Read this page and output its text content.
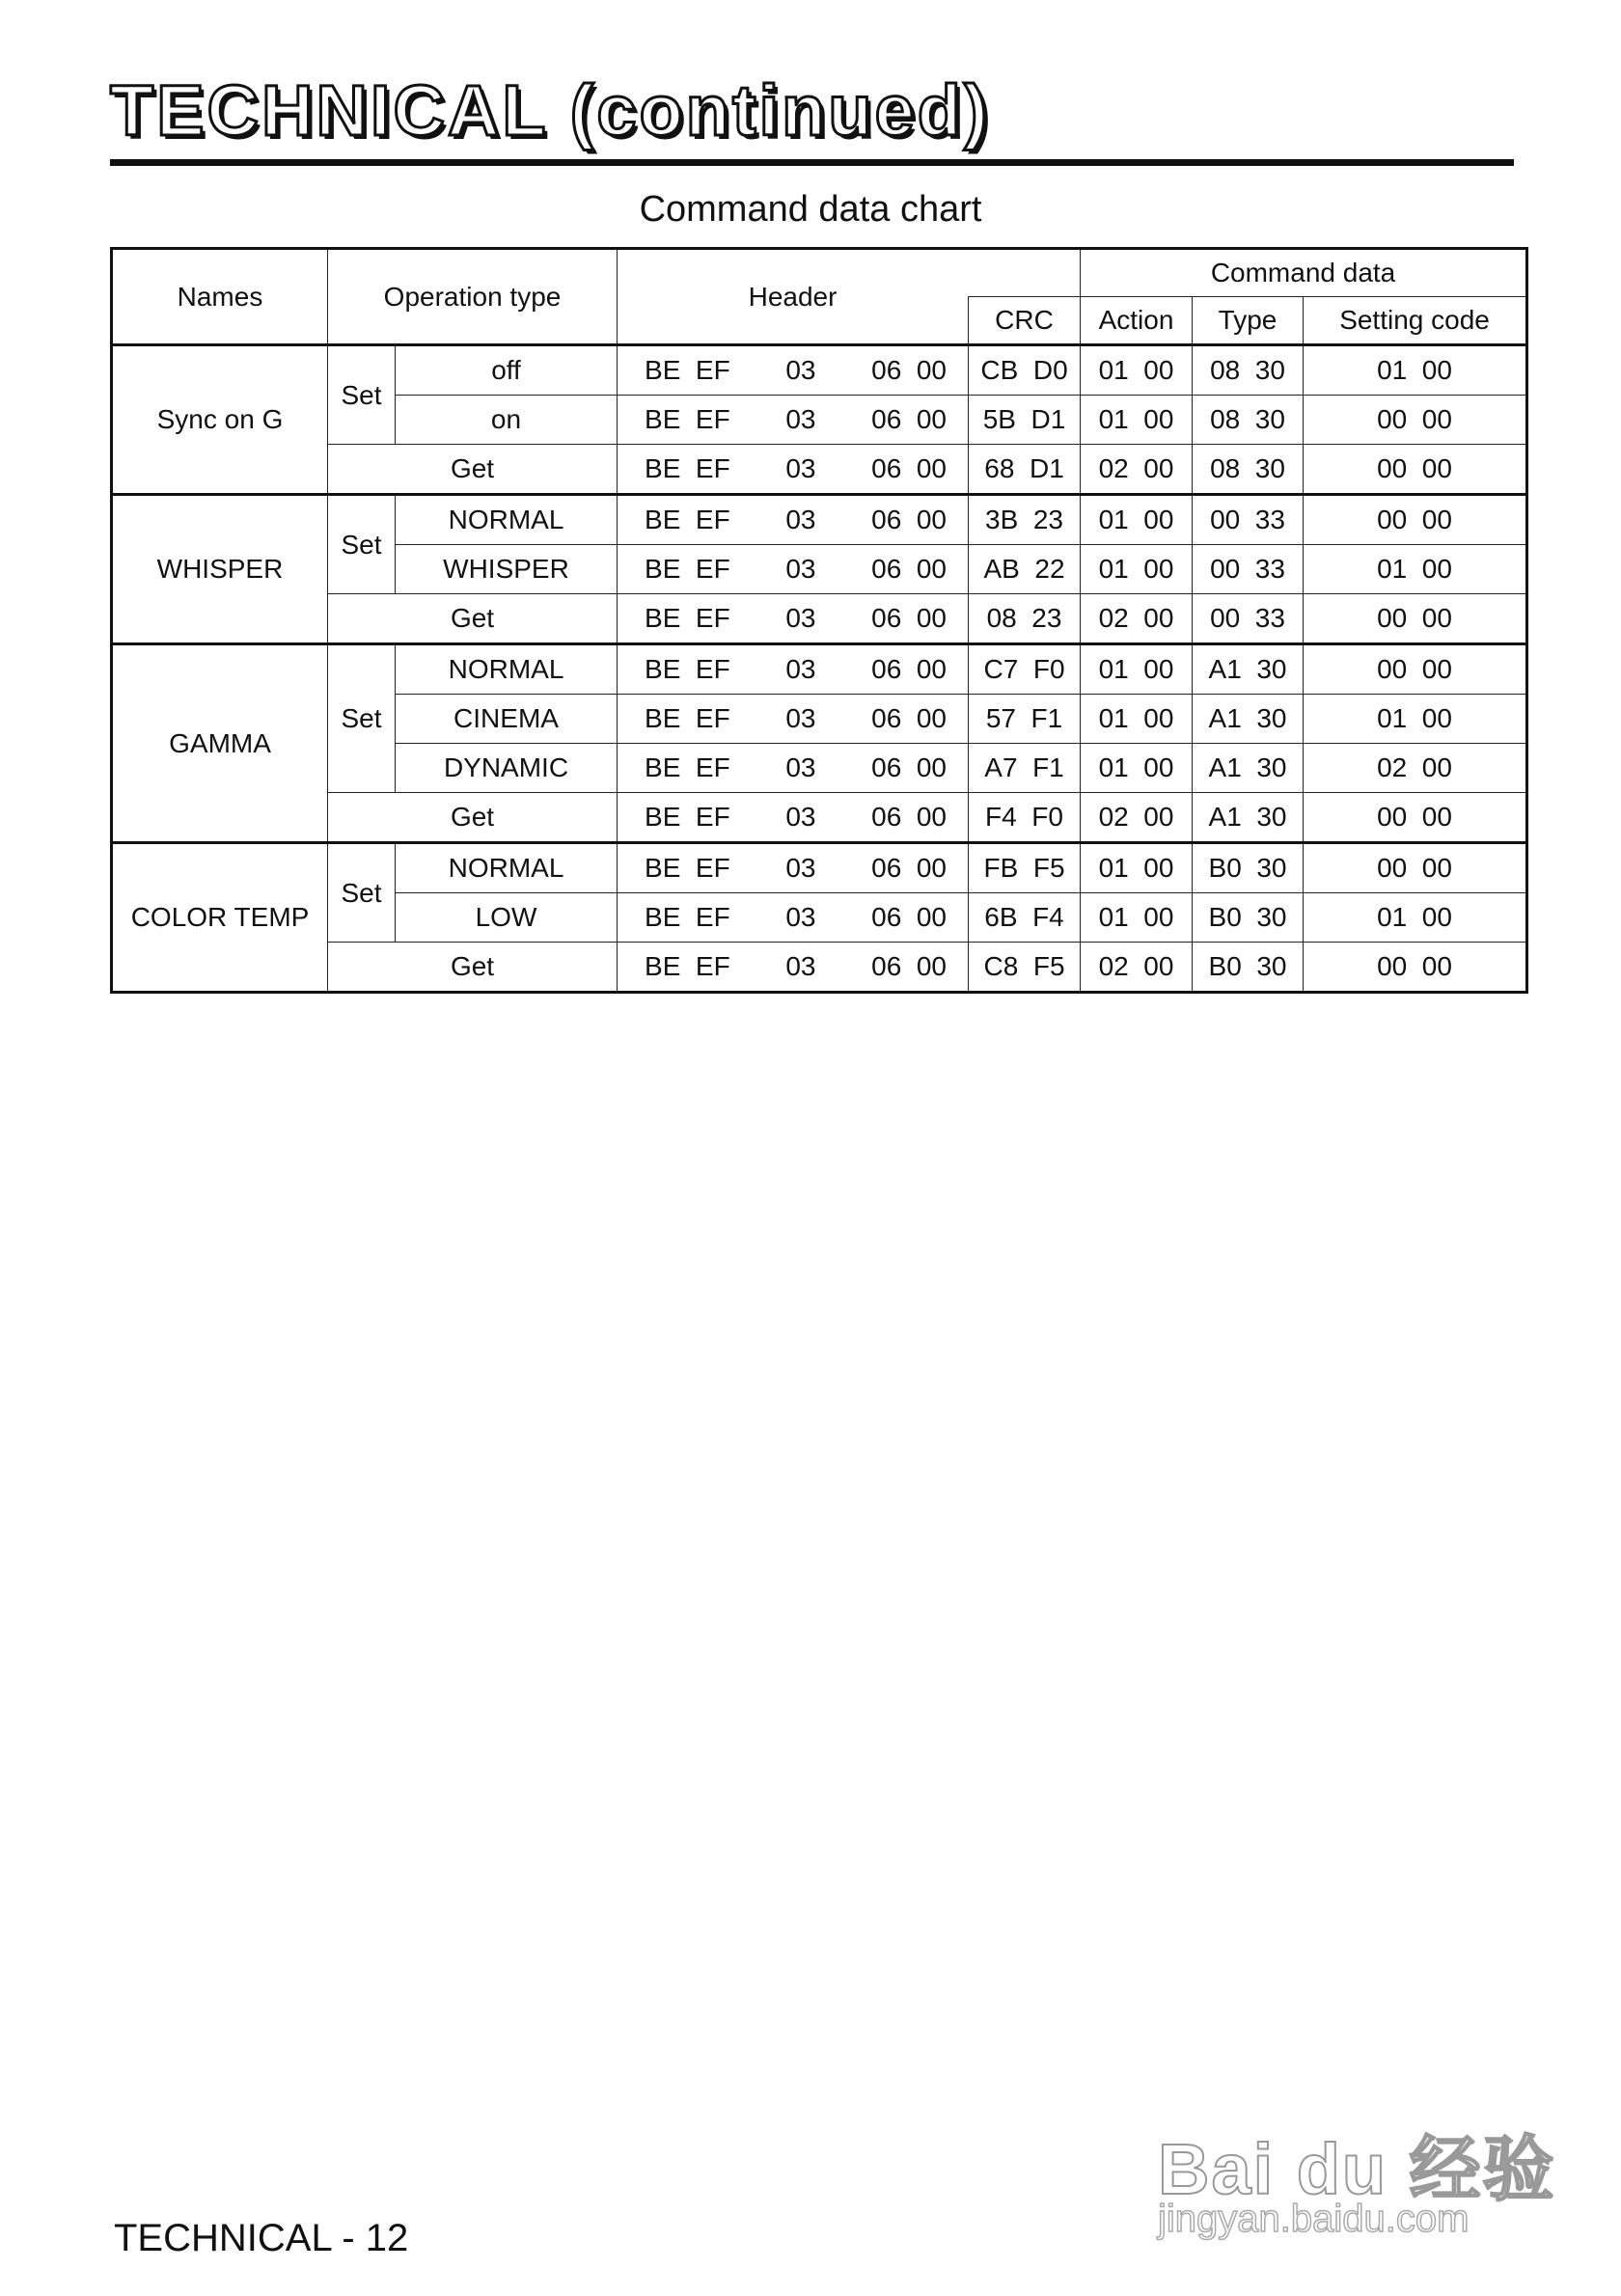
TECHNICAL (continued)
Command data chart
Names	Operation type		Header		Command data		
				CRC	Action	Type	Setting code
Sync on G	Set	off	BE  EF 03 06  00	CB  D0	01  00	08  30	01  00
		on	BE  EF 03 06  00	5B  D1	01  00	08  30	00  00
	Get		BE  EF 03 06  00	68  D1	02  00	08  30	00  00
WHISPER	Set	NORMAL	BE  EF 03 06  00	3B  23	01  00	00  33	00  00
		WHISPER	BE  EF 03 06  00	AB  22	01  00	00  33	01  00
	Get		BE  EF 03 06  00	08  23	02  00	00  33	00  00
GAMMA	Set	NORMAL	BE  EF 03 06  00	C7  F0	01  00	A1  30	00  00
		CINEMA	BE  EF 03 06  00	57  F1	01  00	A1  30	01  00
		DYNAMIC	BE  EF 03 06  00	A7  F1	01  00	A1  30	02  00
	Get		BE  EF 03 06  00	F4  F0	02  00	A1  30	00  00
COLOR TEMP	Set	NORMAL	BE  EF 03 06  00	FB  F5	01  00	B0  30	00  00
		LOW	BE  EF 03 06  00	6B  F4	01  00	B0  30	01  00
	Get		BE  EF 03 06  00	C8  F5	02  00	B0  30	00  00
TECHNICAL - 12
Bai du 经验
jingyan.baidu.com
